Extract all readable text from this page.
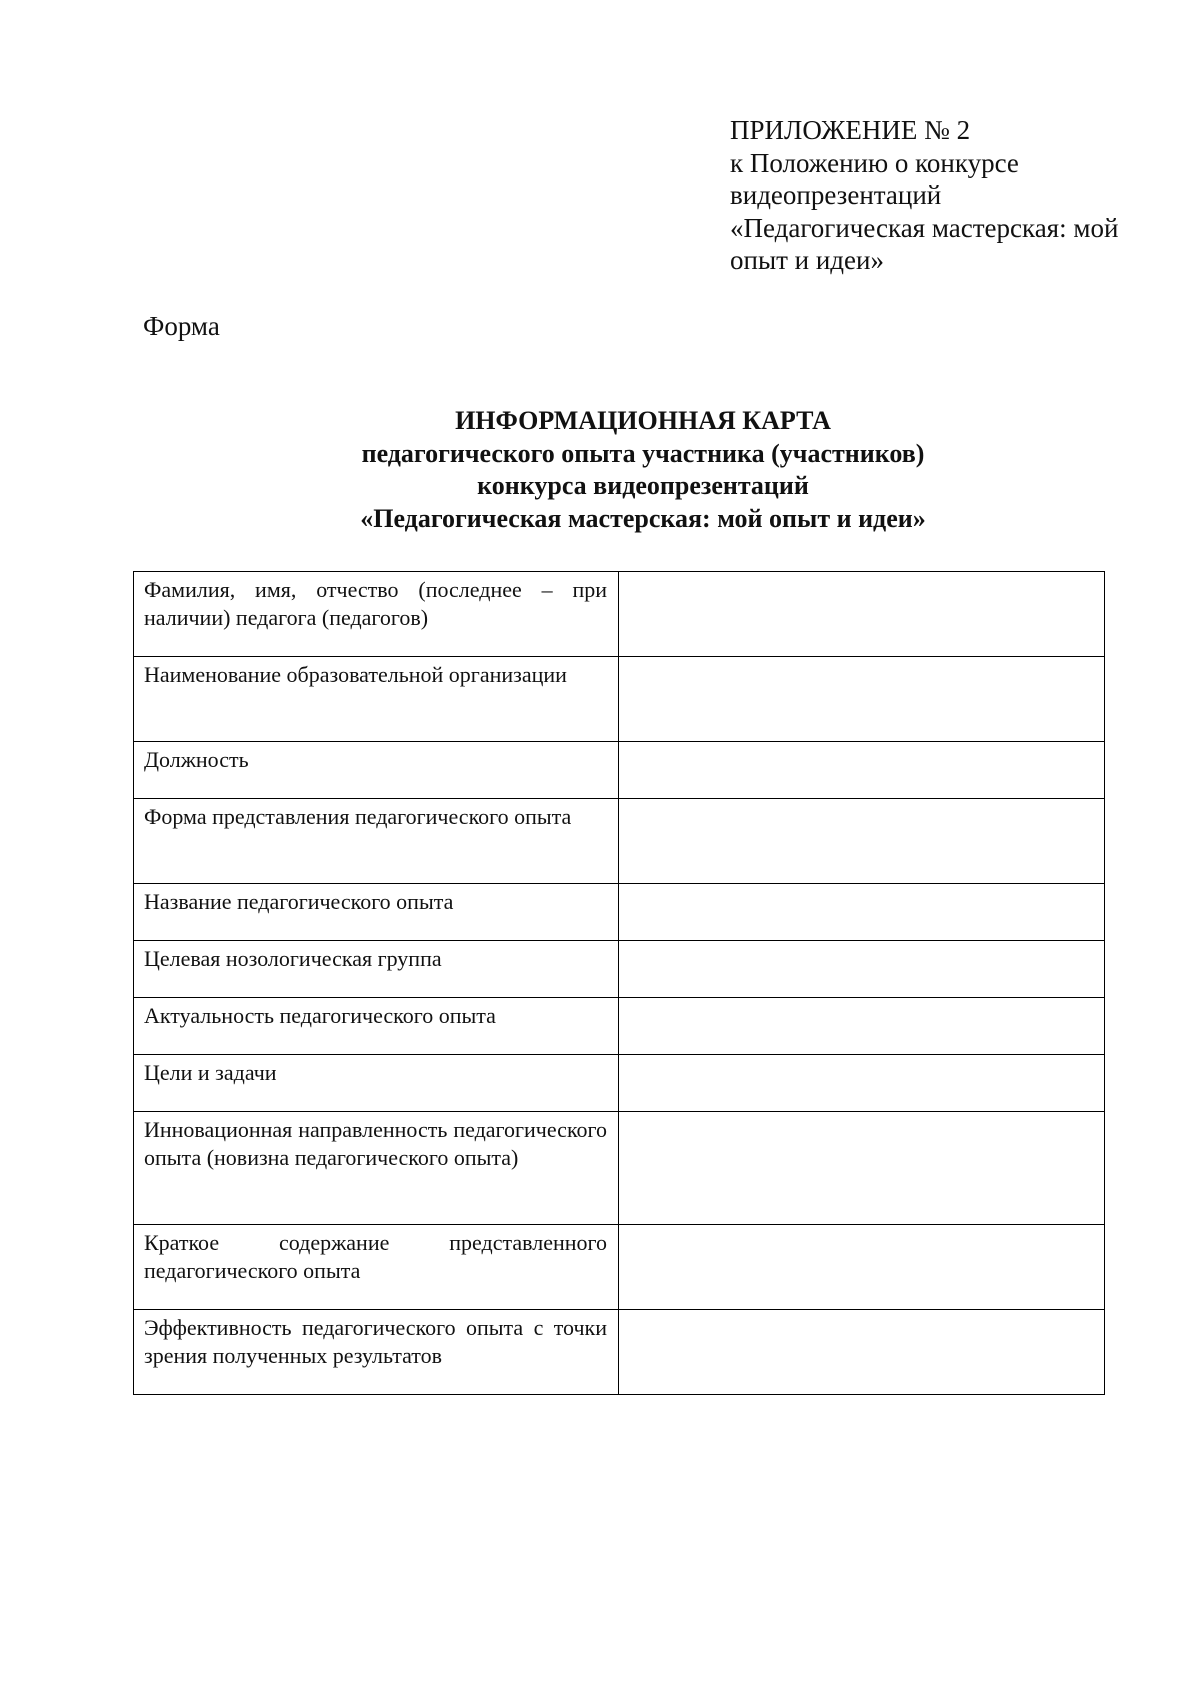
ПРИЛОЖЕНИЕ № 2
к Положению о конкурсе
видеопрезентаций
«Педагогическая мастерская: мой
опыт и идеи»
Форма
ИНФОРМАЦИОННАЯ КАРТА
педагогического опыта участника (участников)
конкурса видеопрезентаций
«Педагогическая мастерская: мой опыт и идеи»
Фамилия, имя, отчество (последнее – при наличии) педагога (педагогов)	
Наименование образовательной организации	
Должность	
Форма представления педагогического опыта	
Название педагогического опыта	
Целевая нозологическая группа	
Актуальность педагогического опыта	
Цели и задачи	
Инновационная направленность педагогического опыта (новизна педагогического опыта)	
Краткое содержание представленного педагогического опыта	
Эффективность педагогического опыта с точки зрения полученных результатов	
